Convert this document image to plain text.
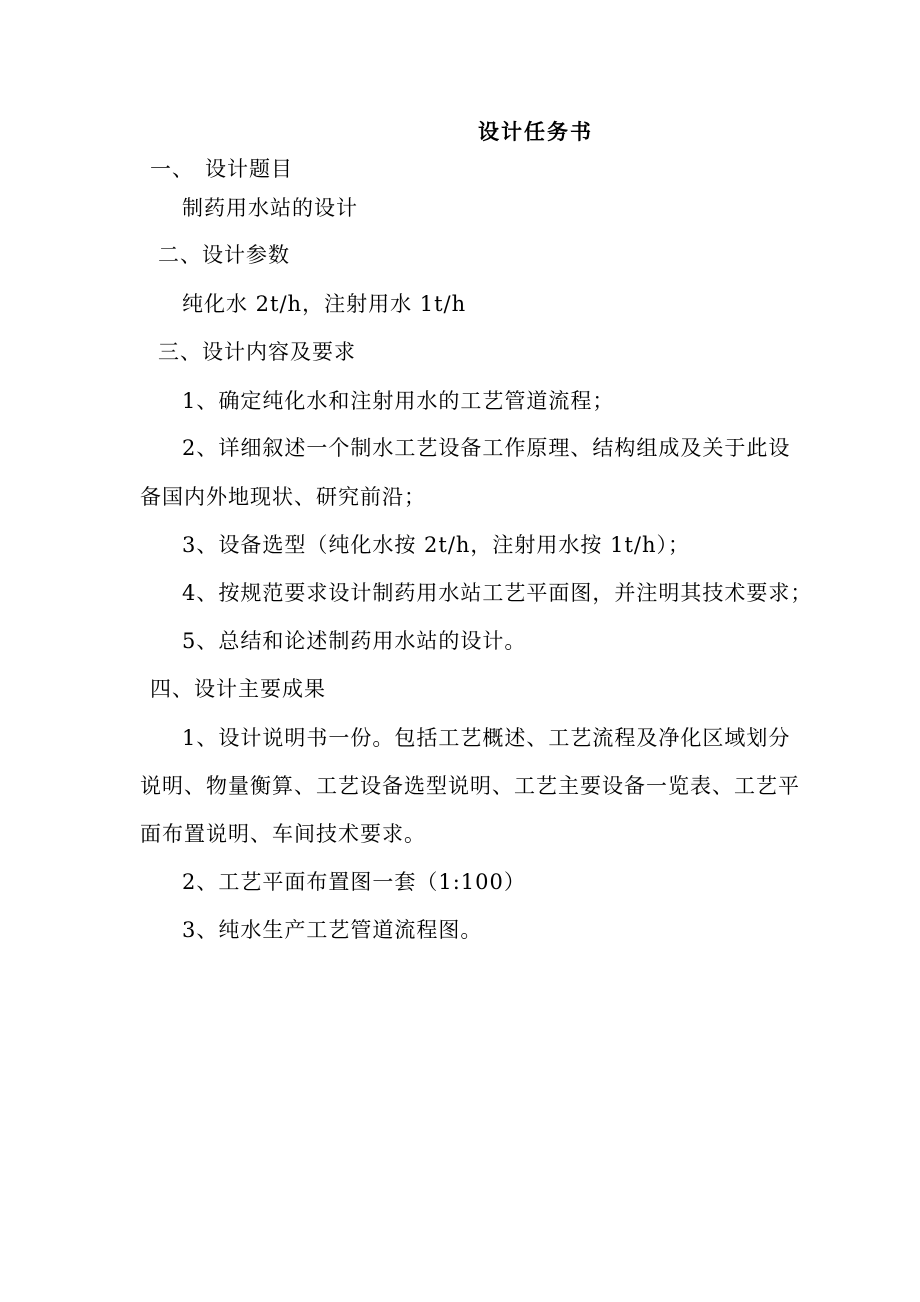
设计任务书
一、 设计题目
制药用水站的设计
二、设计参数
纯化水 2t/h，注射用水 1t/h
三、设计内容及要求
1、确定纯化水和注射用水的工艺管道流程；
2、详细叙述一个制水工艺设备工作原理、结构组成及关于此设
备国内外地现状、研究前沿；
3、设备选型（纯化水按 2t/h，注射用水按 1t/h）；
4、按规范要求设计制药用水站工艺平面图，并注明其技术要求；
5、总结和论述制药用水站的设计。
四、设计主要成果
1、设计说明书一份。包括工艺概述、工艺流程及净化区域划分
说明、物量衡算、工艺设备选型说明、工艺主要设备一览表、工艺平
面布置说明、车间技术要求。
2、工艺平面布置图一套（1:100）
3、纯水生产工艺管道流程图。
